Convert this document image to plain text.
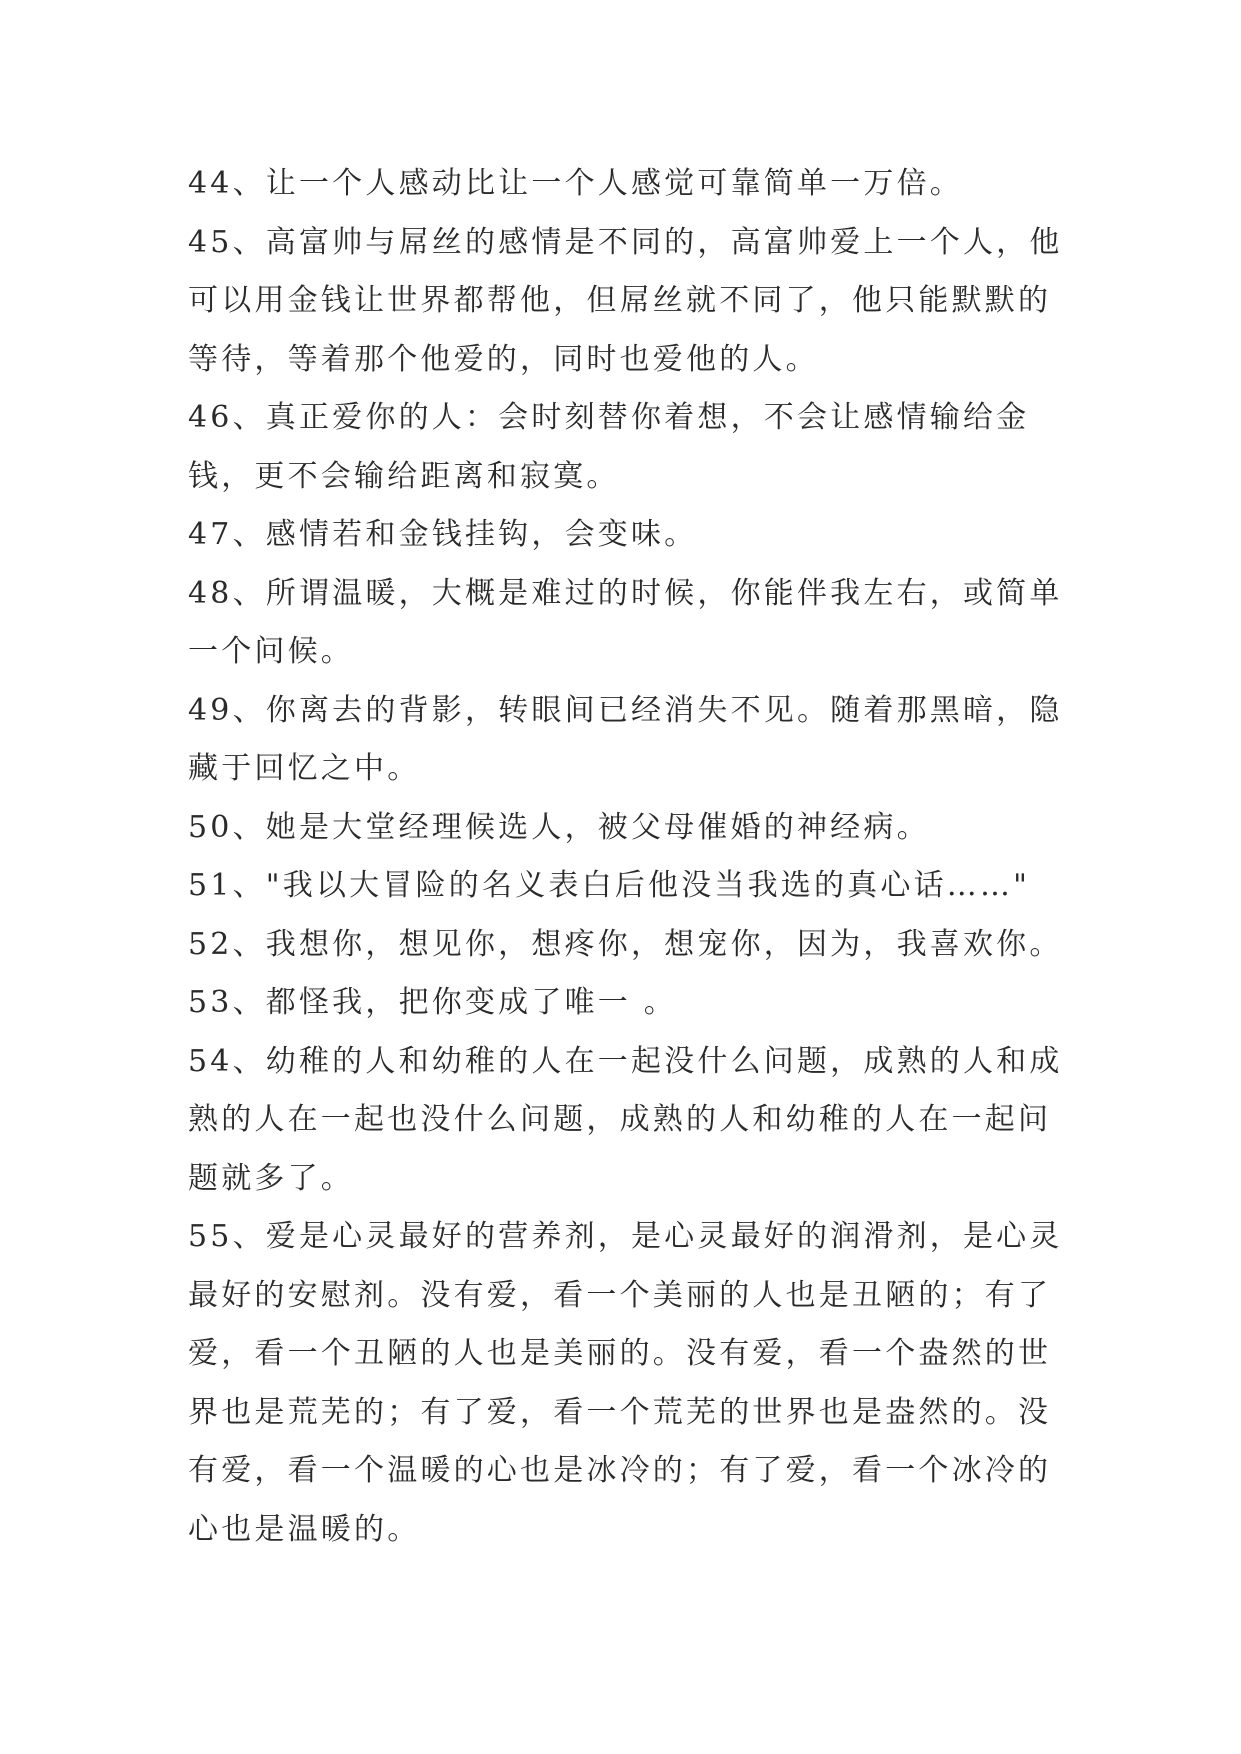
44、让一个人感动比让一个人感觉可靠简单一万倍。

45、高富帅与屌丝的感情是不同的，高富帅爱上一个人，他可以用金钱让世界都帮他，但屌丝就不同了，他只能默默的等待，等着那个他爱的，同时也爱他的人。

46、真正爱你的人：会时刻替你着想，不会让感情输给金钱，更不会输给距离和寂寞。

47、感情若和金钱挂钩，会变味。

48、所谓温暖，大概是难过的时候，你能伴我左右，或简单一个问候。

49、你离去的背影，转眼间已经消失不见。随着那黑暗，隐藏于回忆之中。

50、她是大堂经理候选人，被父母催婚的神经病。

51、"我以大冒险的名义表白后他没当我选的真心话……"

52、我想你，想见你，想疼你，想宠你，因为，我喜欢你。

53、都怪我，把你变成了唯一 。

54、幼稚的人和幼稚的人在一起没什么问题，成熟的人和成熟的人在一起也没什么问题，成熟的人和幼稚的人在一起问题就多了。

55、爱是心灵最好的营养剂，是心灵最好的润滑剂，是心灵最好的安慰剂。没有爱，看一个美丽的人也是丑陋的；有了爱，看一个丑陋的人也是美丽的。没有爱，看一个盎然的世界也是荒芜的；有了爱，看一个荒芜的世界也是盎然的。没有爱，看一个温暖的心也是冰冷的；有了爱，看一个冰冷的心也是温暖的。
